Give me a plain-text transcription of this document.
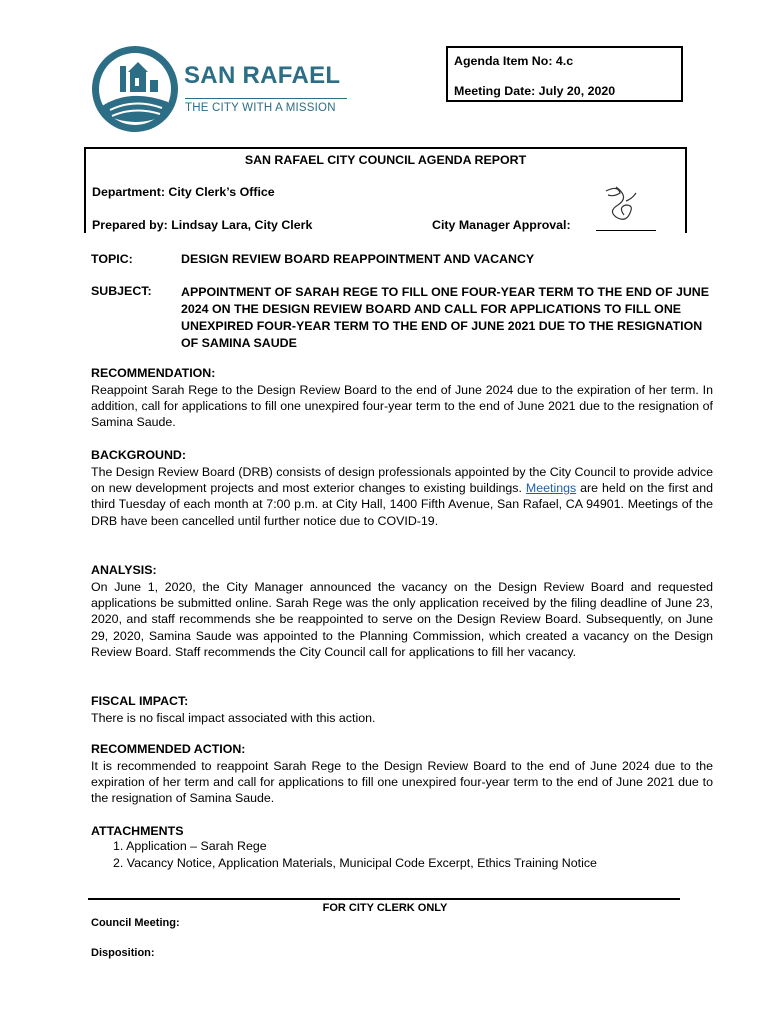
SAN RAFAEL
THE CITY WITH A MISSION
Agenda Item No: 4.c
Meeting Date: July 20, 2020
SAN RAFAEL CITY COUNCIL AGENDA REPORT
Department: City Clerk’s Office
Prepared by: Lindsay Lara, City Clerk	City Manager Approval:
TOPIC:	DESIGN REVIEW BOARD REAPPOINTMENT AND VACANCY
SUBJECT: APPOINTMENT OF SARAH REGE TO FILL ONE FOUR-YEAR TERM TO THE END OF JUNE 2024 ON THE DESIGN REVIEW BOARD AND CALL FOR APPLICATIONS TO FILL ONE UNEXPIRED FOUR-YEAR TERM TO THE END OF JUNE 2021 DUE TO THE RESIGNATION OF SAMINA SAUDE
RECOMMENDATION:
Reappoint Sarah Rege to the Design Review Board to the end of June 2024 due to the expiration of her term. In addition, call for applications to fill one unexpired four-year term to the end of June 2021 due to the resignation of Samina Saude.
BACKGROUND:
The Design Review Board (DRB) consists of design professionals appointed by the City Council to provide advice on new development projects and most exterior changes to existing buildings. Meetings are held on the first and third Tuesday of each month at 7:00 p.m. at City Hall, 1400 Fifth Avenue, San Rafael, CA 94901. Meetings of the DRB have been cancelled until further notice due to COVID-19.
ANALYSIS:
On June 1, 2020, the City Manager announced the vacancy on the Design Review Board and requested applications be submitted online. Sarah Rege was the only application received by the filing deadline of June 23, 2020, and staff recommends she be reappointed to serve on the Design Review Board. Subsequently, on June 29, 2020, Samina Saude was appointed to the Planning Commission, which created a vacancy on the Design Review Board. Staff recommends the City Council call for applications to fill her vacancy.
FISCAL IMPACT:
There is no fiscal impact associated with this action.
RECOMMENDED ACTION:
It is recommended to reappoint Sarah Rege to the Design Review Board to the end of June 2024 due to the expiration of her term and call for applications to fill one unexpired four-year term to the end of June 2021 due to the resignation of Samina Saude.
ATTACHMENTS
1. Application – Sarah Rege
2. Vacancy Notice, Application Materials, Municipal Code Excerpt, Ethics Training Notice
FOR CITY CLERK ONLY
Council Meeting:
Disposition:
